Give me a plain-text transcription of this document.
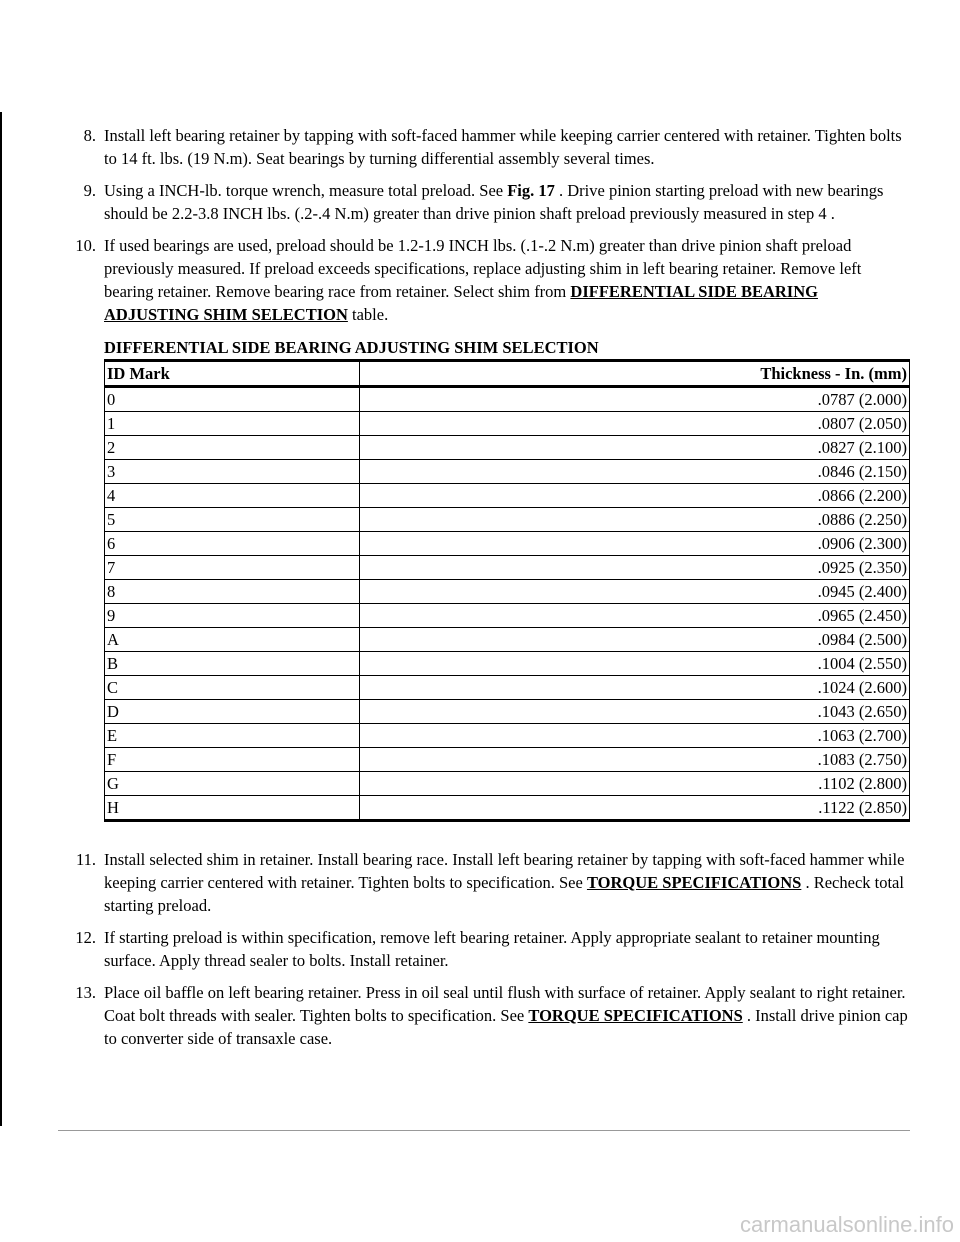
8. Install left bearing retainer by tapping with soft-faced hammer while keeping carrier centered with retainer. Tighten bolts to 14 ft. lbs. (19 N.m). Seat bearings by turning differential assembly several times.
9. Using a INCH-lb. torque wrench, measure total preload. See Fig. 17 . Drive pinion starting preload with new bearings should be 2.2-3.8 INCH lbs. (.2-.4 N.m) greater than drive pinion shaft preload previously measured in step 4 .
10. If used bearings are used, preload should be 1.2-1.9 INCH lbs. (.1-.2 N.m) greater than drive pinion shaft preload previously measured. If preload exceeds specifications, replace adjusting shim in left bearing retainer. Remove left bearing retainer. Remove bearing race from retainer. Select shim from DIFFERENTIAL SIDE BEARING ADJUSTING SHIM SELECTION table.
DIFFERENTIAL SIDE BEARING ADJUSTING SHIM SELECTION
ID Mark	Thickness - In. (mm)
0	.0787 (2.000)
1	.0807 (2.050)
2	.0827 (2.100)
3	.0846 (2.150)
4	.0866 (2.200)
5	.0886 (2.250)
6	.0906 (2.300)
7	.0925 (2.350)
8	.0945 (2.400)
9	.0965 (2.450)
A	.0984 (2.500)
B	.1004 (2.550)
C	.1024 (2.600)
D	.1043 (2.650)
E	.1063 (2.700)
F	.1083 (2.750)
G	.1102 (2.800)
H	.1122 (2.850)
11. Install selected shim in retainer. Install bearing race. Install left bearing retainer by tapping with soft-faced hammer while keeping carrier centered with retainer. Tighten bolts to specification. See TORQUE SPECIFICATIONS . Recheck total starting preload.
12. If starting preload is within specification, remove left bearing retainer. Apply appropriate sealant to retainer mounting surface. Apply thread sealer to bolts. Install retainer.
13. Place oil baffle on left bearing retainer. Press in oil seal until flush with surface of retainer. Apply sealant to right retainer. Coat bolt threads with sealer. Tighten bolts to specification. See TORQUE SPECIFICATIONS . Install drive pinion cap to converter side of transaxle case.
carmanualsonline.info
